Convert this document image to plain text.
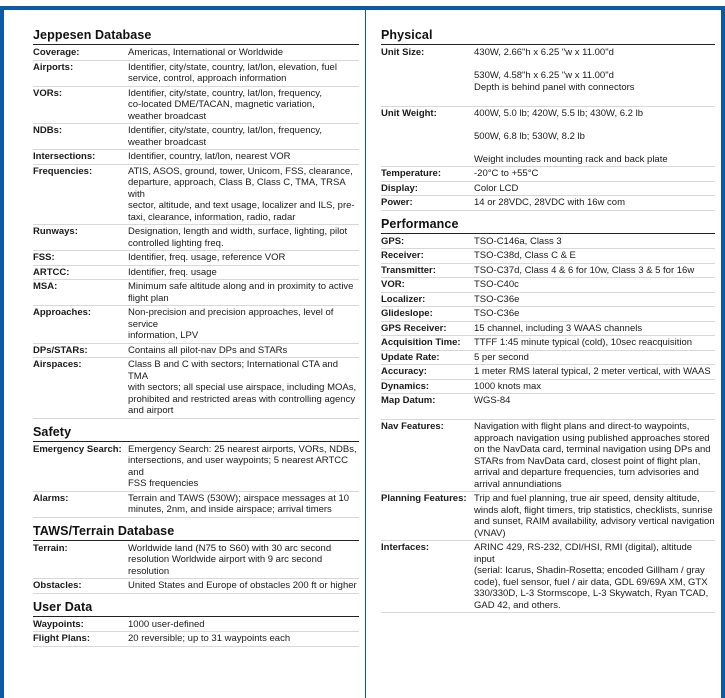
Jeppesen Database
Coverage:	Americas, International or Worldwide
Airports:	Identifier, city/state, country, lat/lon, elevation, fuel
service, control, approach information
VORs:	Identifier, city/state, country, lat/lon, frequency,
co-located DME/TACAN, magnetic variation,
weather broadcast
NDBs:	Identifier, city/state, country, lat/lon, frequency,
weather broadcast
Intersections:	Identifier, country, lat/lon, nearest VOR
Frequencies:	ATIS, ASOS, ground, tower, Unicom, FSS, clearance,
departure, approach, Class B, Class C, TMA, TRSA with
sector, altitude, and text usage, localizer and ILS, pre-
taxi, clearance, information, radio, radar
Runways:	Designation, length and width, surface, lighting, pilot
controlled lighting freq.
FSS:	Identifier, freq. usage, reference VOR
ARTCC:	Identifier, freq. usage
MSA:	Minimum safe altitude along and in proximity to active
flight plan
Approaches:	Non-precision and precision approaches, level of service
information, LPV
DPs/STARs:	Contains all pilot-nav DPs and STARs
Airspaces:	Class B and C with sectors; International CTA and TMA
with sectors; all special use airspace, including MOAs,
prohibited and restricted areas with controlling agency
and airport
Safety
Emergency Search: Emergency Search: 25 nearest airports, VORs, NDBs,
intersections, and user waypoints; 5 nearest ARTCC and
FSS frequencies
Alarms:	Terrain and TAWS (530W); airspace messages at 10
minutes, 2nm, and inside airspace; arrival timers
TAWS/Terrain Database
Terrain:	Worldwide land (N75 to S60) with 30 arc second
resolution Worldwide airport with 9 arc second
resolution
Obstacles:	United States and Europe of obstacles 200 ft or higher
User Data
Waypoints:	1000 user-defined
Flight Plans:	20 reversible; up to 31 waypoints each
Physical
Unit Size:	430W, 2.66"h x 6.25 "w x 11.00"d

530W, 4.58"h x 6.25 "w x 11.00"d
Depth is behind panel with connectors

Unit Weight:	400W, 5.0 lb; 420W, 5.5 lb; 430W, 6.2 lb

500W, 6.8 lb; 530W, 8.2 lb

Weight includes mounting rack and back plate
Temperature:	-20°C to +55°C
Display:	Color LCD
Power:	14 or 28VDC, 28VDC with 16w com
Performance
GPS:	TSO-C146a, Class 3
Receiver:	TSO-C38d, Class C & E
Transmitter:	TSO-C37d, Class 4 & 6 for 10w, Class 3 & 5 for 16w
VOR:	TSO-C40c
Localizer:	TSO-C36e
Glideslope:	TSO-C36e
GPS Receiver:	15 channel, including 3 WAAS channels
Acquisition Time:	TTFF 1:45 minute typical (cold), 10sec reacquisition
Update Rate:	5 per second
Accuracy:	1 meter RMS lateral typical, 2 meter vertical, with WAAS
Dynamics:	1000 knots max
Map Datum:	WGS-84

Nav Features:	Navigation with flight plans and direct-to waypoints,
approach navigation using published approaches stored
on the NavData card, terminal navigation using DPs and
STARs from NavData card, closest point of flight plan,
arrival and departure frequencies, turn advisories and
arrival annundiations
Planning Features: Trip and fuel planning, true air speed, density altitude,
winds aloft, flight timers, trip statistics, checklists, sunrise
and sunset, RAIM availability, advisory vertical navigation
(VNAV)
Interfaces:	ARINC 429, RS-232, CDI/HSI, RMI (digital), altitude input
(serial: Icarus, Shadin-Rosetta; encoded Gillham / gray
code), fuel sensor, fuel / air data, GDL 69/69A XM, GTX
330/330D, L-3 Stormscope, L-3 Skywatch, Ryan TCAD,
GAD 42, and others.
